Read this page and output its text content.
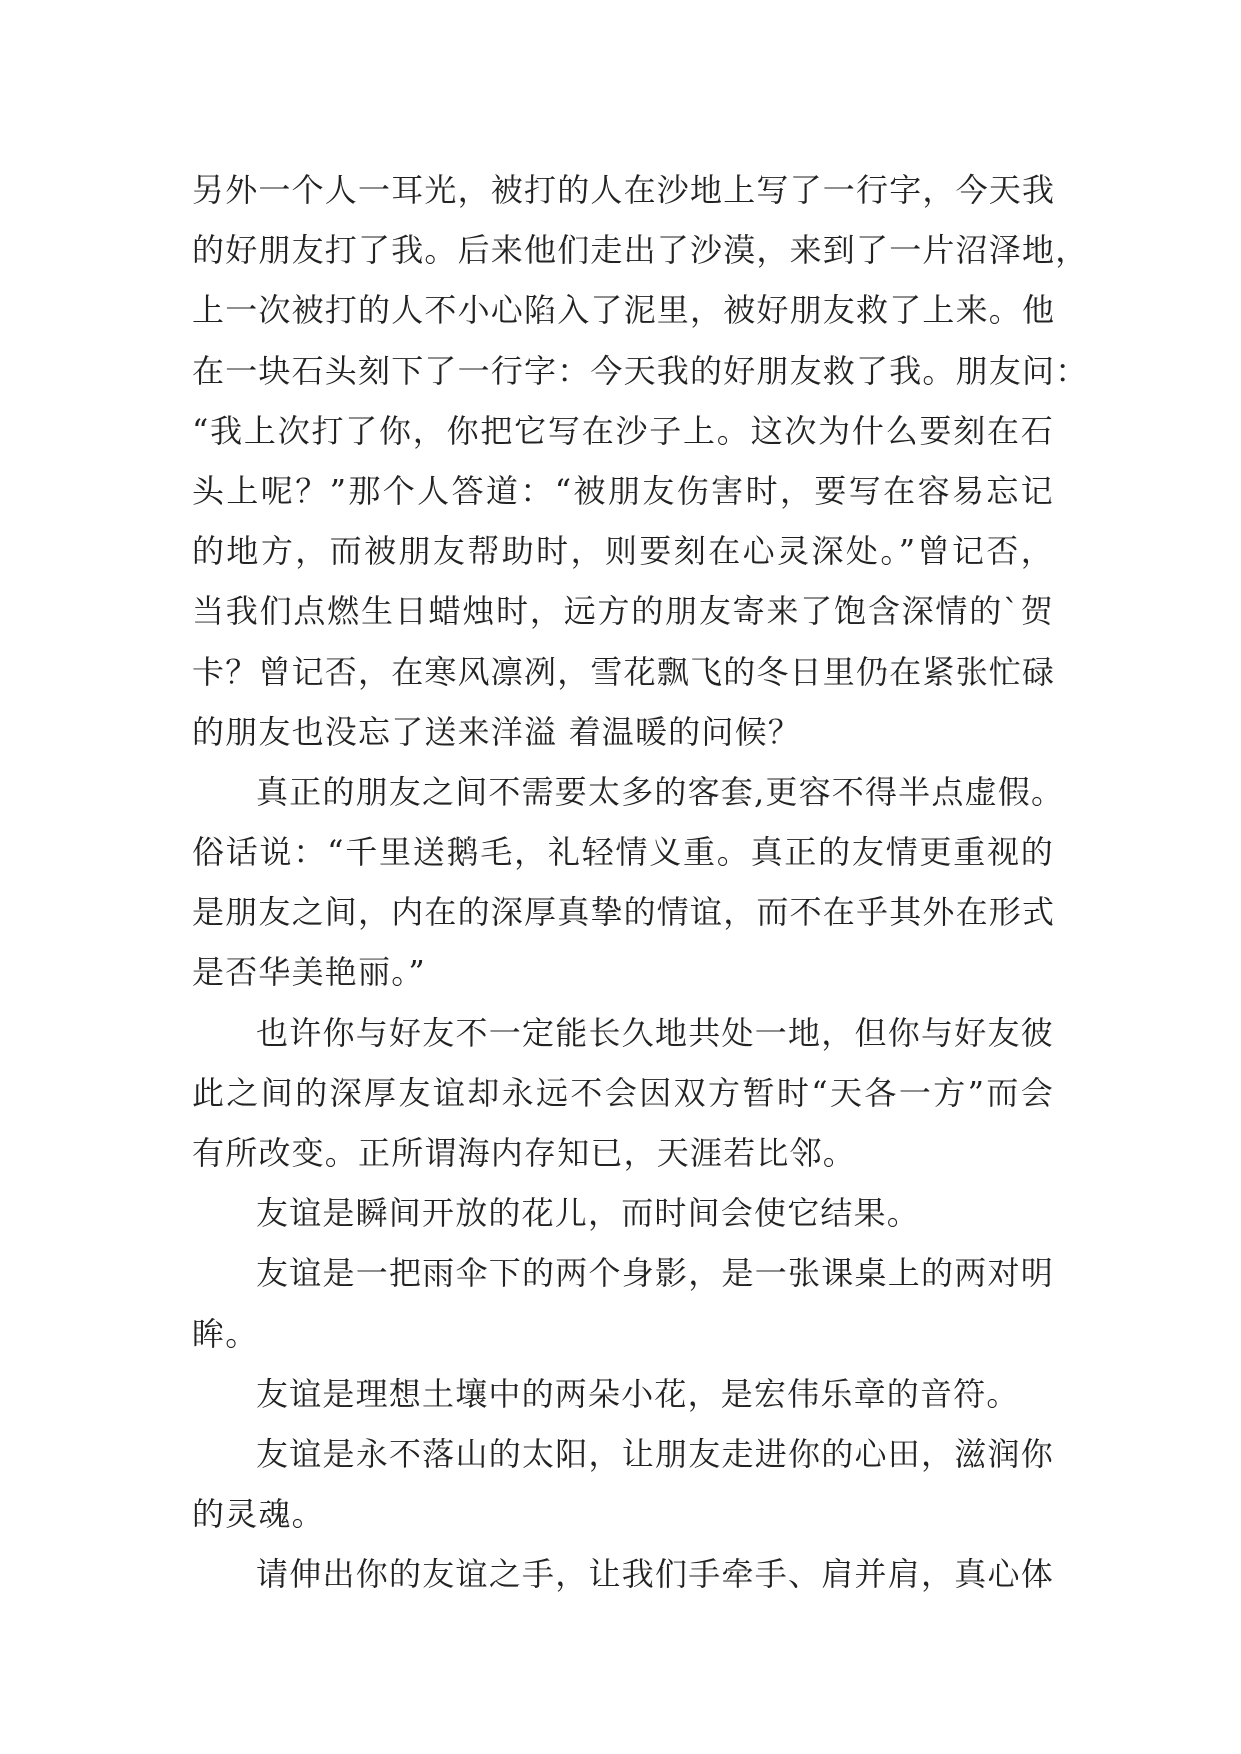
另外一个人一耳光，被打的人在沙地上写了一行字，今天我
的好朋友打了我。后来他们走出了沙漠，来到了一片沼泽地，
上一次被打的人不小心陷入了泥里，被好朋友救了上来。他
在一块石头刻下了一行字：今天我的好朋友救了我。朋友问：
“我上次打了你，你把它写在沙子上。这次为什么要刻在石
头上呢？”那个人答道：“被朋友伤害时，要写在容易忘记
的地方，而被朋友帮助时，则要刻在心灵深处。”曾记否，
当我们点燃生日蜡烛时，远方的朋友寄来了饱含深情的`贺
卡？曾记否，在寒风凛冽，雪花飘飞的冬日里仍在紧张忙碌
的朋友也没忘了送来洋溢 着温暖的问候？
真正的朋友之间不需要太多的客套,更容不得半点虚假。
俗话说：“千里送鹅毛，礼轻情义重。真正的友情更重视的
是朋友之间，内在的深厚真挚的情谊，而不在乎其外在形式
是否华美艳丽。”
也许你与好友不一定能长久地共处一地，但你与好友彼
此之间的深厚友谊却永远不会因双方暂时“天各一方”而会
有所改变。正所谓海内存知已，天涯若比邻。
友谊是瞬间开放的花儿，而时间会使它结果。
友谊是一把雨伞下的两个身影，是一张课桌上的两对明
眸。
友谊是理想土壤中的两朵小花，是宏伟乐章的音符。
友谊是永不落山的太阳，让朋友走进你的心田，滋润你
的灵魂。
请伸出你的友谊之手，让我们手牵手、肩并肩，真心体
